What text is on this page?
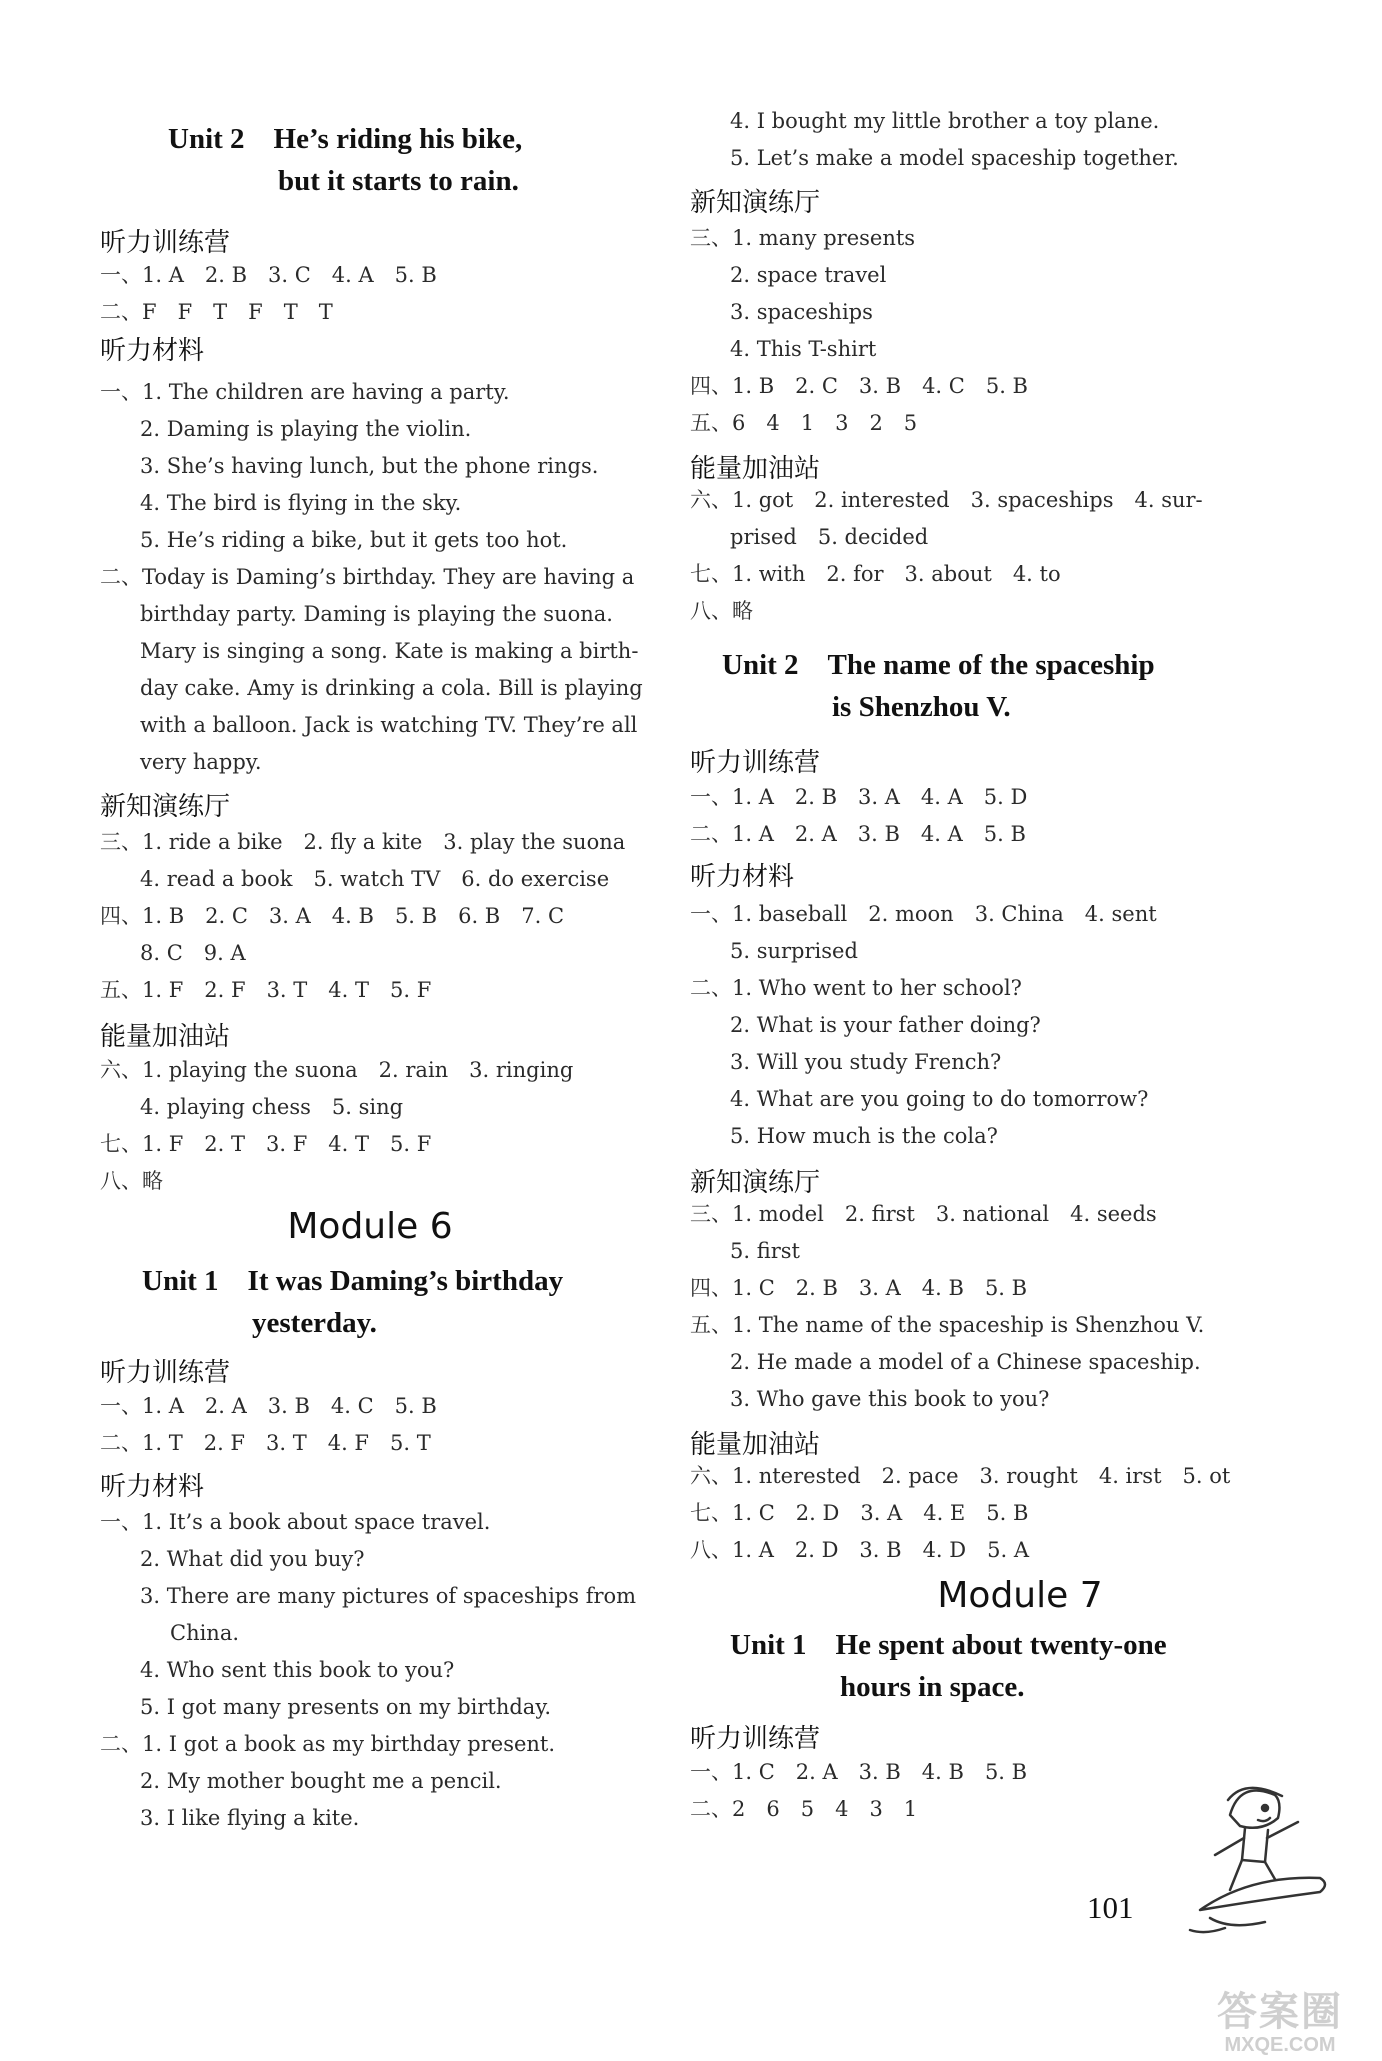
Unit 2　He’s riding his bike,
but it starts to rain.
听力训练营
一、1. A　2. B　3. C　4. A　5. B
二、F　F　T　F　T　T
听力材料
一、1. The children are having a party.
2. Daming is playing the violin.
3. She’s having lunch, but the phone rings.
4. The bird is flying in the sky.
5. He’s riding a bike, but it gets too hot.
二、Today is Daming’s birthday. They are having a
birthday party. Daming is playing the suona.
Mary is singing a song. Kate is making a birth-
day cake. Amy is drinking a cola. Bill is playing
with a balloon. Jack is watching TV. They’re all
very happy.
新知演练厅
三、1. ride a bike　2. fly a kite　3. play the suona
4. read a book　5. watch TV　6. do exercise
四、1. B　2. C　3. A　4. B　5. B　6. B　7. C
8. C　9. A
五、1. F　2. F　3. T　4. T　5. F
能量加油站
六、1. playing the suona　2. rain　3. ringing
4. playing chess　5. sing
七、1. F　2. T　3. F　4. T　5. F
八、略
Module 6
Unit 1　It was Daming’s birthday
yesterday.
听力训练营
一、1. A　2. A　3. B　4. C　5. B
二、1. T　2. F　3. T　4. F　5. T
听力材料
一、1. It’s a book about space travel.
2. What did you buy?
3. There are many pictures of spaceships from
China.
4. Who sent this book to you?
5. I got many presents on my birthday.
二、1. I got a book as my birthday present.
2. My mother bought me a pencil.
3. I like flying a kite.
4. I bought my little brother a toy plane.
5. Let’s make a model spaceship together.
新知演练厅
三、1. many presents
2. space travel
3. spaceships
4. This T-shirt
四、1. B　2. C　3. B　4. C　5. B
五、6　4　1　3　2　5
能量加油站
六、1. got　2. interested　3. spaceships　4. sur-
prised　5. decided
七、1. with　2. for　3. about　4. to
八、略
Unit 2　The name of the spaceship
is Shenzhou V.
听力训练营
一、1. A　2. B　3. A　4. A　5. D
二、1. A　2. A　3. B　4. A　5. B
听力材料
一、1. baseball　2. moon　3. China　4. sent
5. surprised
二、1. Who went to her school?
2. What is your father doing?
3. Will you study French?
4. What are you going to do tomorrow?
5. How much is the cola?
新知演练厅
三、1. model　2. first　3. national　4. seeds
5. first
四、1. C　2. B　3. A　4. B　5. B
五、1. The name of the spaceship is Shenzhou V.
2. He made a model of a Chinese spaceship.
3. Who gave this book to you?
能量加油站
六、1. nterested　2. pace　3. rought　4. irst　5. ot
七、1. C　2. D　3. A　4. E　5. B
八、1. A　2. D　3. B　4. D　5. A
Module 7
Unit 1　He spent about twenty-one
hours in space.
听力训练营
一、1. C　2. A　3. B　4. B　5. B
二、2　6　5　4　3　1
101
答案圈
MXQE.COM
